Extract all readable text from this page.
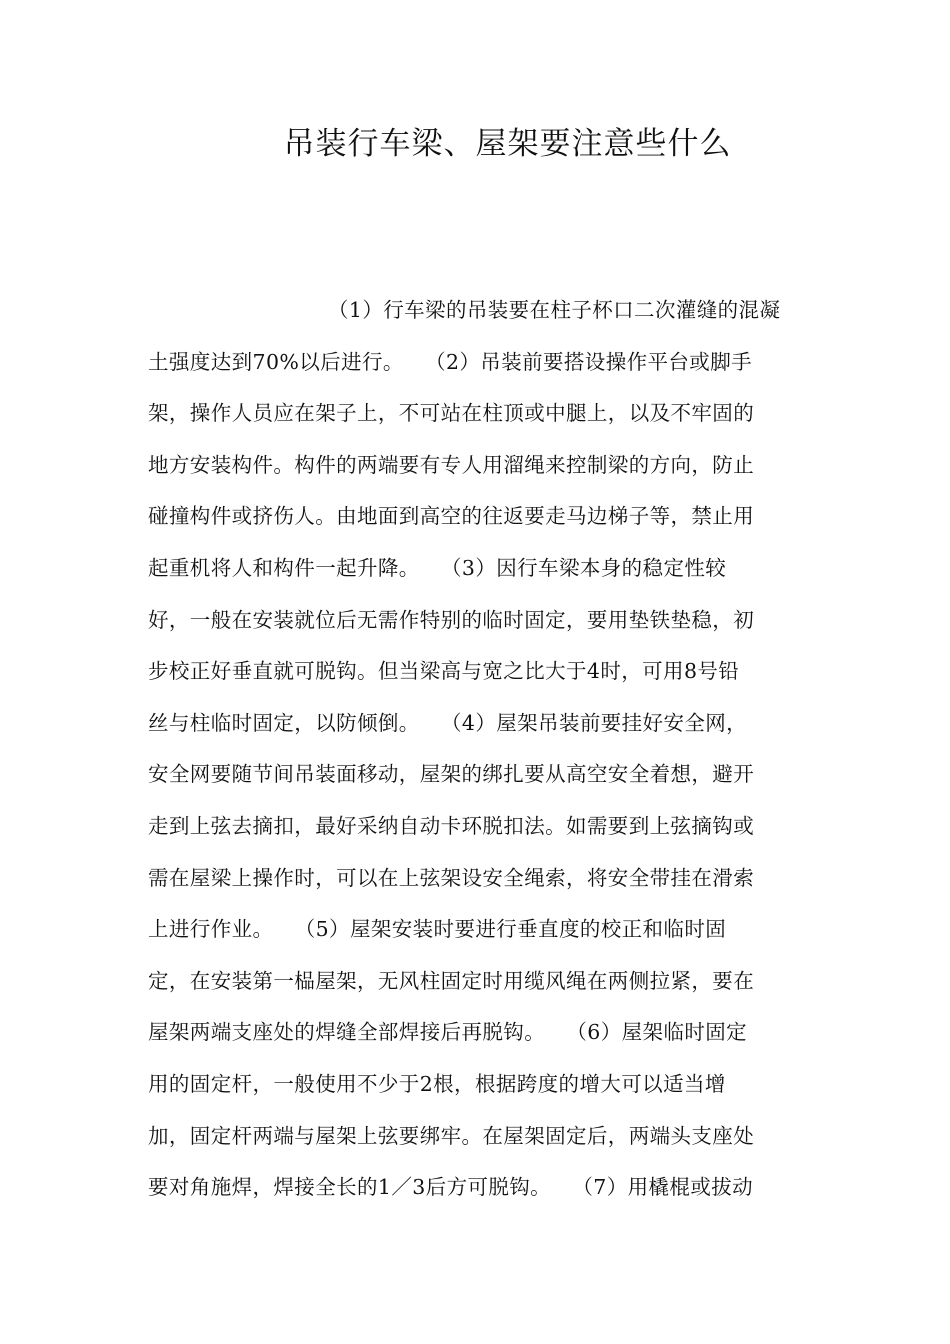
吊装行车梁、屋架要注意些什么
（1）行车梁的吊装要在柱子杯口二次灌缝的混凝
土强度达到70%以后进行。　　（2）吊装前要搭设操作平台或脚手
架，操作人员应在架子上，不可站在柱顶或中腿上，以及不牢固的
地方安装构件。构件的两端要有专人用溜绳来控制梁的方向，防止
碰撞构件或挤伤人。由地面到高空的往返要走马边梯子等，禁止用
起重机将人和构件一起升降。　　（3）因行车梁本身的稳定性较
好，一般在安装就位后无需作特别的临时固定，要用垫铁垫稳，初
步校正好垂直就可脱钩。但当梁高与宽之比大于4时，可用8号铅
丝与柱临时固定，以防倾倒。　　（4）屋架吊装前要挂好安全网，
安全网要随节间吊装面移动，屋架的绑扎要从高空安全着想，避开
走到上弦去摘扣，最好采纳自动卡环脱扣法。如需要到上弦摘钩或
需在屋梁上操作时，可以在上弦架设安全绳索，将安全带挂在滑索
上进行作业。　　（5）屋架安装时要进行垂直度的校正和临时固
定，在安装第一榀屋架，无风柱固定时用缆风绳在两侧拉紧，要在
屋架两端支座处的焊缝全部焊接后再脱钩。　　（6）屋架临时固定
用的固定杆，一般使用不少于2根，根据跨度的增大可以适当增
加，固定杆两端与屋架上弦要绑牢。在屋架固定后，两端头支座处
要对角施焊，焊接全长的1／3后方可脱钩。　　（7）用橇棍或拔动
